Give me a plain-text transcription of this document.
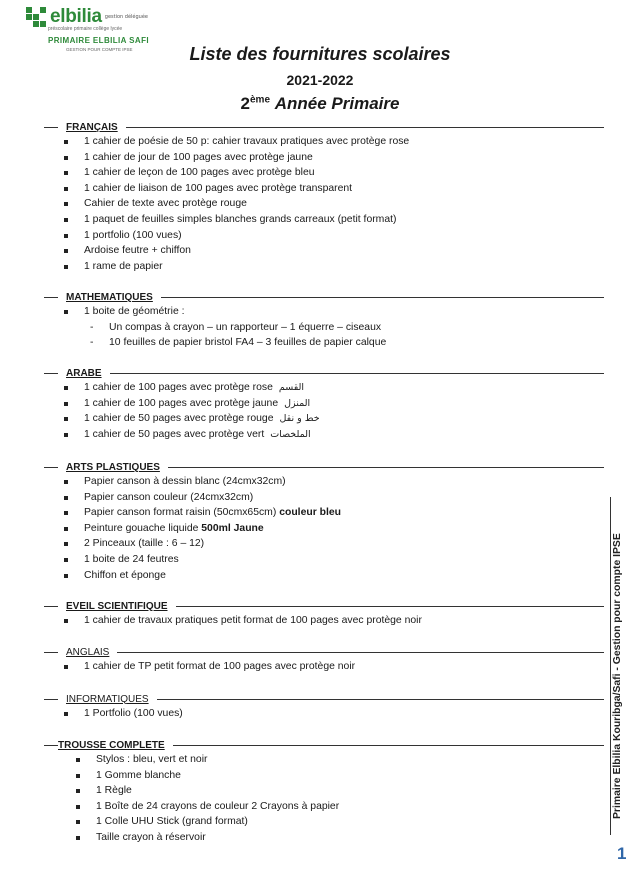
elbilia gestion déléguée
préscolaire primaire collège lycée
PRIMAIRE ELBILIA SAFI
GESTION POUR COMPTE IPSE	Liste des fournitures scolaires
2021-2022
2ème Année Primaire
FRANÇAIS
1 cahier de poésie de 50 p: cahier travaux pratiques avec protège rose
1 cahier de jour de 100 pages avec protège jaune
1 cahier de leçon de 100 pages avec protège bleu
1 cahier de liaison de 100 pages avec protège transparent
Cahier de texte avec protège rouge
1 paquet de feuilles simples blanches grands carreaux (petit format)
1 portfolio (100 vues)
Ardoise feutre + chiffon
1 rame de papier
MATHEMATIQUES
1 boite de géométrie :
- Un compas à crayon – un rapporteur – 1 équerre – ciseaux
- 10 feuilles de papier bristol FA4 – 3 feuilles de papier calque
ARABE
1 cahier de 100 pages avec protège rose القسم
1 cahier de 100 pages avec protège jaune المنزل
1 cahier de 50 pages avec protège rouge خط و نقل
1 cahier de 50 pages avec protège vert الملخصات
ARTS PLASTIQUES
Papier canson à dessin blanc (24cmx32cm)
Papier canson couleur (24cmx32cm)
Papier canson format raisin (50cmx65cm) couleur bleu
Peinture gouache liquide 500ml Jaune
2 Pinceaux (taille : 6 – 12)
1 boite de 24 feutres
Chiffon et éponge
EVEIL SCIENTIFIQUE
1 cahier de travaux pratiques petit format de 100 pages avec protège noir
ANGLAIS
1 cahier de TP petit format de 100 pages avec protège noir
INFORMATIQUES
1 Portfolio (100 vues)
TROUSSE COMPLETE
Stylos : bleu, vert et noir
1 Gomme blanche
1 Règle
1 Boîte de 24 crayons de couleur 2 Crayons à papier
1 Colle UHU Stick (grand format)
Taille crayon à réservoir
Primaire Elbilia Kouribga/Safi - Gestion pour compte IPSE
1
